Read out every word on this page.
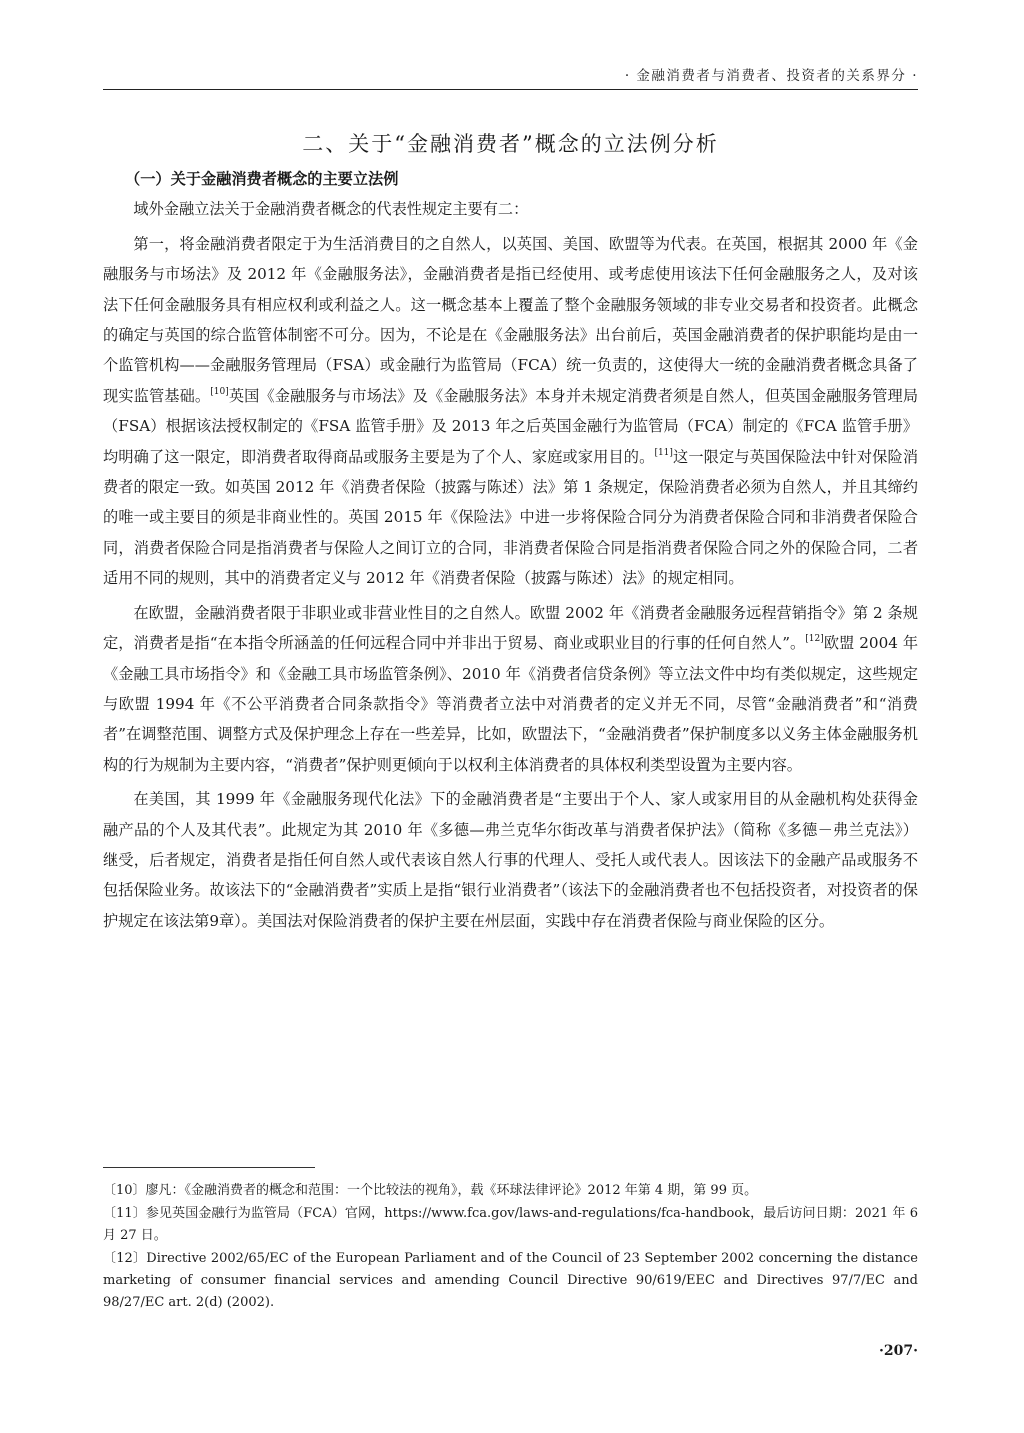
· 金融消费者与消费者、投资者的关系界分 ·
二、关于“金融消费者”概念的立法例分析
（一）关于金融消费者概念的主要立法例

域外金融立法关于金融消费者概念的代表性规定主要有二：

第一，将金融消费者限定于为生活消费目的之自然人，以英国、美国、欧盟等为代表。在英国，根据其 2000 年《金融服务与市场法》及 2012 年《金融服务法》，金融消费者是指已经使用、或考虑使用该法下任何金融服务之人，及对该法下任何金融服务具有相应权利或利益之人。这一概念基本上覆盖了整个金融服务领域的非专业交易者和投资者。此概念的确定与英国的综合监管体制密不可分。因为，不论是在《金融服务法》出台前后，英国金融消费者的保护职能均是由一个监管机构——金融服务管理局（FSA）或金融行为监管局（FCA）统一负责的，这使得大一统的金融消费者概念具备了现实监管基础。[10]英国《金融服务与市场法》及《金融服务法》本身并未规定消费者须是自然人，但英国金融服务管理局（FSA）根据该法授权制定的《FSA 监管手册》及 2013 年之后英国金融行为监管局（FCA）制定的《FCA 监管手册》均明确了这一限定，即消费者取得商品或服务主要是为了个人、家庭或家用目的。[11]这一限定与英国保险法中针对保险消费者的限定一致。如英国 2012 年《消费者保险（披露与陈述）法》第 1 条规定，保险消费者必须为自然人，并且其缔约的唯一或主要目的须是非商业性的。英国 2015 年《保险法》中进一步将保险合同分为消费者保险合同和非消费者保险合同，消费者保险合同是指消费者与保险人之间订立的合同，非消费者保险合同是指消费者保险合同之外的保险合同，二者适用不同的规则，其中的消费者定义与 2012 年《消费者保险（披露与陈述）法》的规定相同。

在欧盟，金融消费者限于非职业或非营业性目的之自然人。欧盟 2002 年《消费者金融服务远程营销指令》第 2 条规定，消费者是指“在本指令所涵盖的任何远程合同中并非出于贸易、商业或职业目的行事的任何自然人”。[12]欧盟 2004 年《金融工具市场指令》和《金融工具市场监管条例》、2010 年《消费者信贷条例》等立法文件中均有类似规定，这些规定与欧盟 1994 年《不公平消费者合同条款指令》等消费者立法中对消费者的定义并无不同，尽管“金融消费者”和“消费者”在调整范围、调整方式及保护理念上存在一些差异，比如，欧盟法下，“金融消费者”保护制度多以义务主体金融服务机构的行为规制为主要内容，“消费者”保护则更倾向于以权利主体消费者的具体权利类型设置为主要内容。

在美国，其 1999 年《金融服务现代化法》下的金融消费者是“主要出于个人、家人或家用目的从金融机构处获得金融产品的个人及其代表”。此规定为其 2010 年《多德—弗兰克华尔街改革与消费者保护法》（简称《多德－弗兰克法》）继受，后者规定，消费者是指任何自然人或代表该自然人行事的代理人、受托人或代表人。因该法下的金融产品或服务不包括保险业务。故该法下的“金融消费者”实质上是指“银行业消费者”（该法下的金融消费者也不包括投资者，对投资者的保护规定在该法第9章）。美国法对保险消费者的保护主要在州层面，实践中存在消费者保险与商业保险的区分。

〔10〕廖凡：《金融消费者的概念和范围：一个比较法的视角》，载《环球法律评论》2012 年第 4 期，第 99 页。

〔11〕参见英国金融行为监管局（FCA）官网，https://www.fca.gov/laws-and-regulations/fca-handbook，最后访问日期：2021 年 6 月 27 日。

〔12〕Directive 2002/65/EC of the European Parliament and of the Council of 23 September 2002 concerning the distance marketing of consumer financial services and amending Council Directive 90/619/EEC and Directives 97/7/EC and 98/27/EC art. 2(d) (2002).

·207·
